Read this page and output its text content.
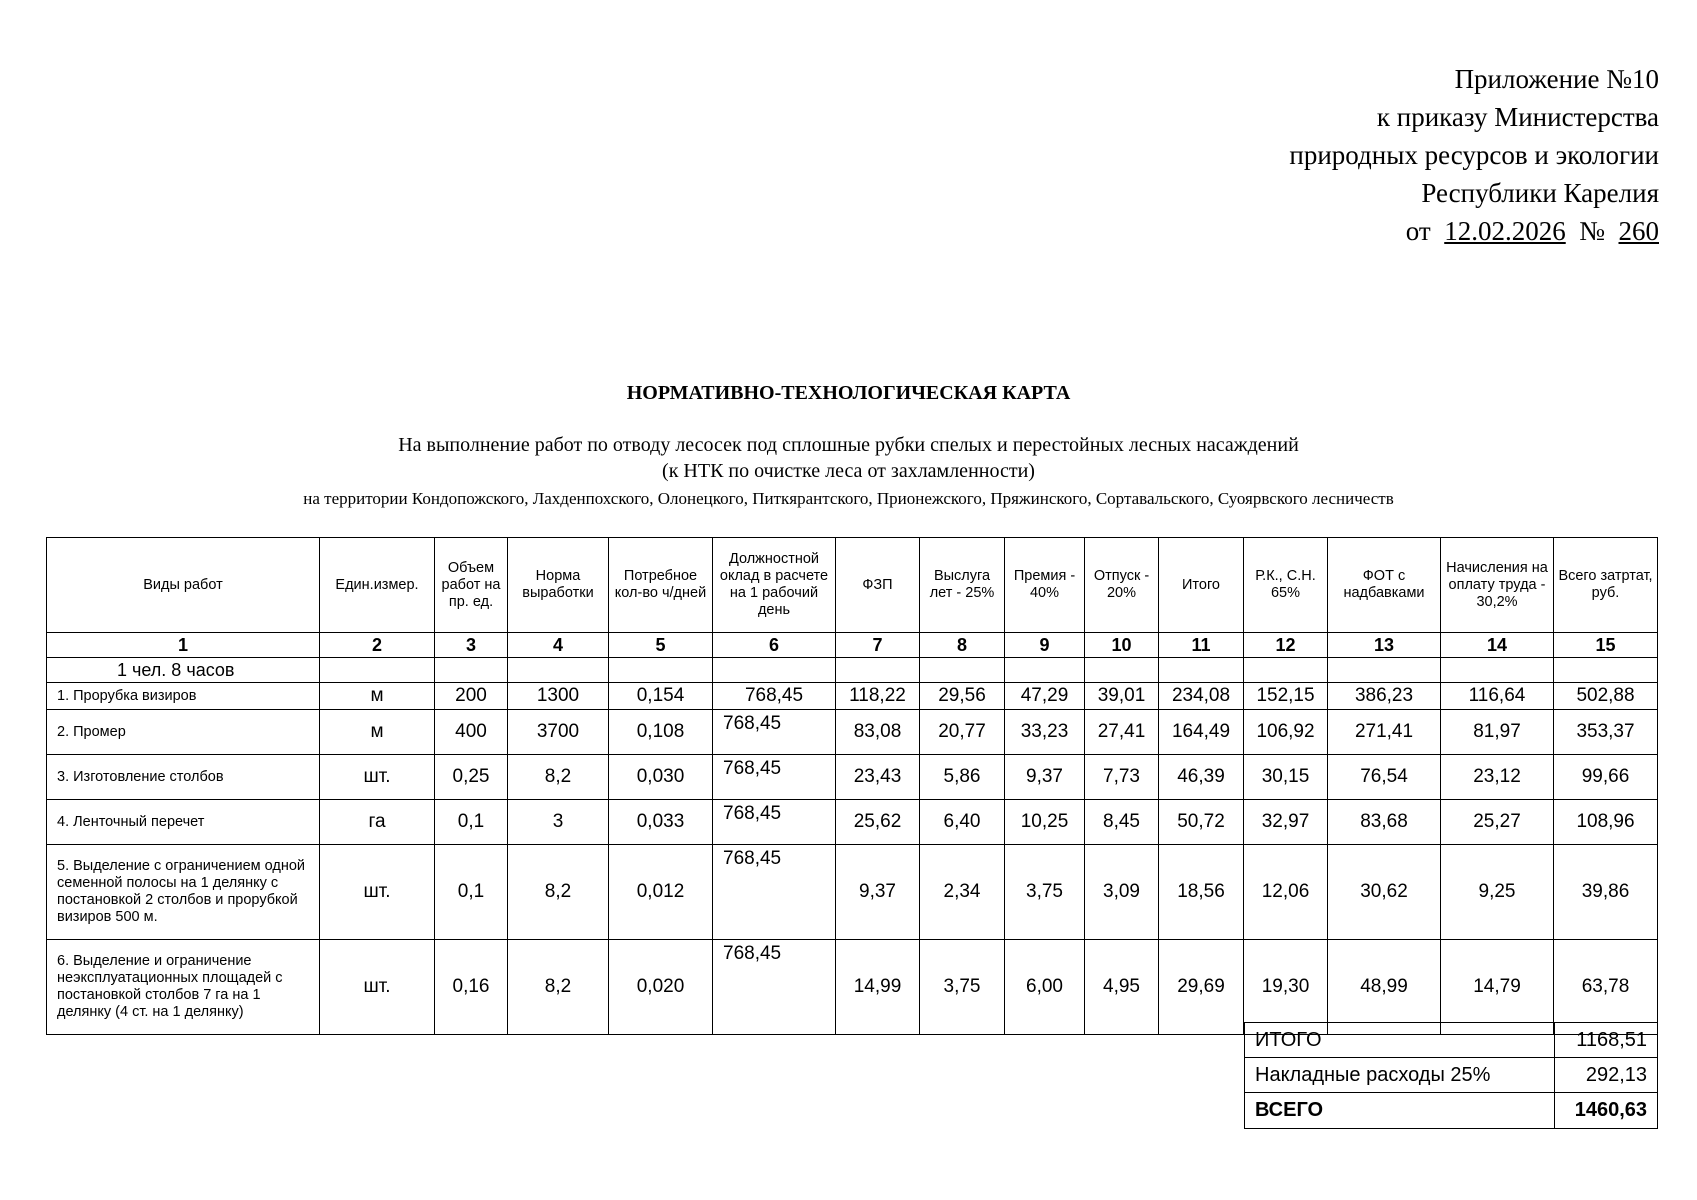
Приложение №10
к приказу Министерства
природных ресурсов и экологии
Республики Карелия
от 12.02.2026 № 260
НОРМАТИВНО-ТЕХНОЛОГИЧЕСКАЯ КАРТА
На выполнение работ по отводу лесосек под сплошные рубки спелых и перестойных лесных насаждений
(к НТК по очистке леса от захламленности)
на территории Кондопожского, Лахденпохского, Олонецкого, Питкярантского, Прионежского, Пряжинского, Сортавальского, Суоярвского лесничеств
Виды работ	Един.измер.	Объем работ на пр. ед.	Норма выработки	Потребное кол-во ч/дней	Должностной оклад в расчете на 1 рабочий день	ФЗП	Выслуга лет - 25%	Премия - 40%	Отпуск - 20%	Итого	Р.К., С.Н. 65%	ФОТ с надбавками	Начисления на оплату труда - 30,2%	Всего затртат, руб.
1	2	3	4	5	6	7	8	9	10	11	12	13	14	15
1 чел. 8 часов														
1. Прорубка визиров	м	200	1300	0,154	768,45	118,22	29,56	47,29	39,01	234,08	152,15	386,23	116,64	502,88
2. Промер	м	400	3700	0,108	768,45	83,08	20,77	33,23	27,41	164,49	106,92	271,41	81,97	353,37
3. Изготовление столбов	шт.	0,25	8,2	0,030	768,45	23,43	5,86	9,37	7,73	46,39	30,15	76,54	23,12	99,66
4. Ленточный перечет	га	0,1	3	0,033	768,45	25,62	6,40	10,25	8,45	50,72	32,97	83,68	25,27	108,96
5. Выделение с ограничением одной семенной полосы на 1 делянку с постановкой 2 столбов и прорубкой визиров 500 м.	шт.	0,1	8,2	0,012	768,45	9,37	2,34	3,75	3,09	18,56	12,06	30,62	9,25	39,86
6. Выделение и ограничение неэксплуатационных площадей с постановкой столбов 7 га на 1 делянку (4 ст. на 1 делянку)	шт.	0,16	8,2	0,020	768,45	14,99	3,75	6,00	4,95	29,69	19,30	48,99	14,79	63,78
ИТОГО	1168,51
Накладные расходы 25%	292,13
ВСЕГО	1460,63
